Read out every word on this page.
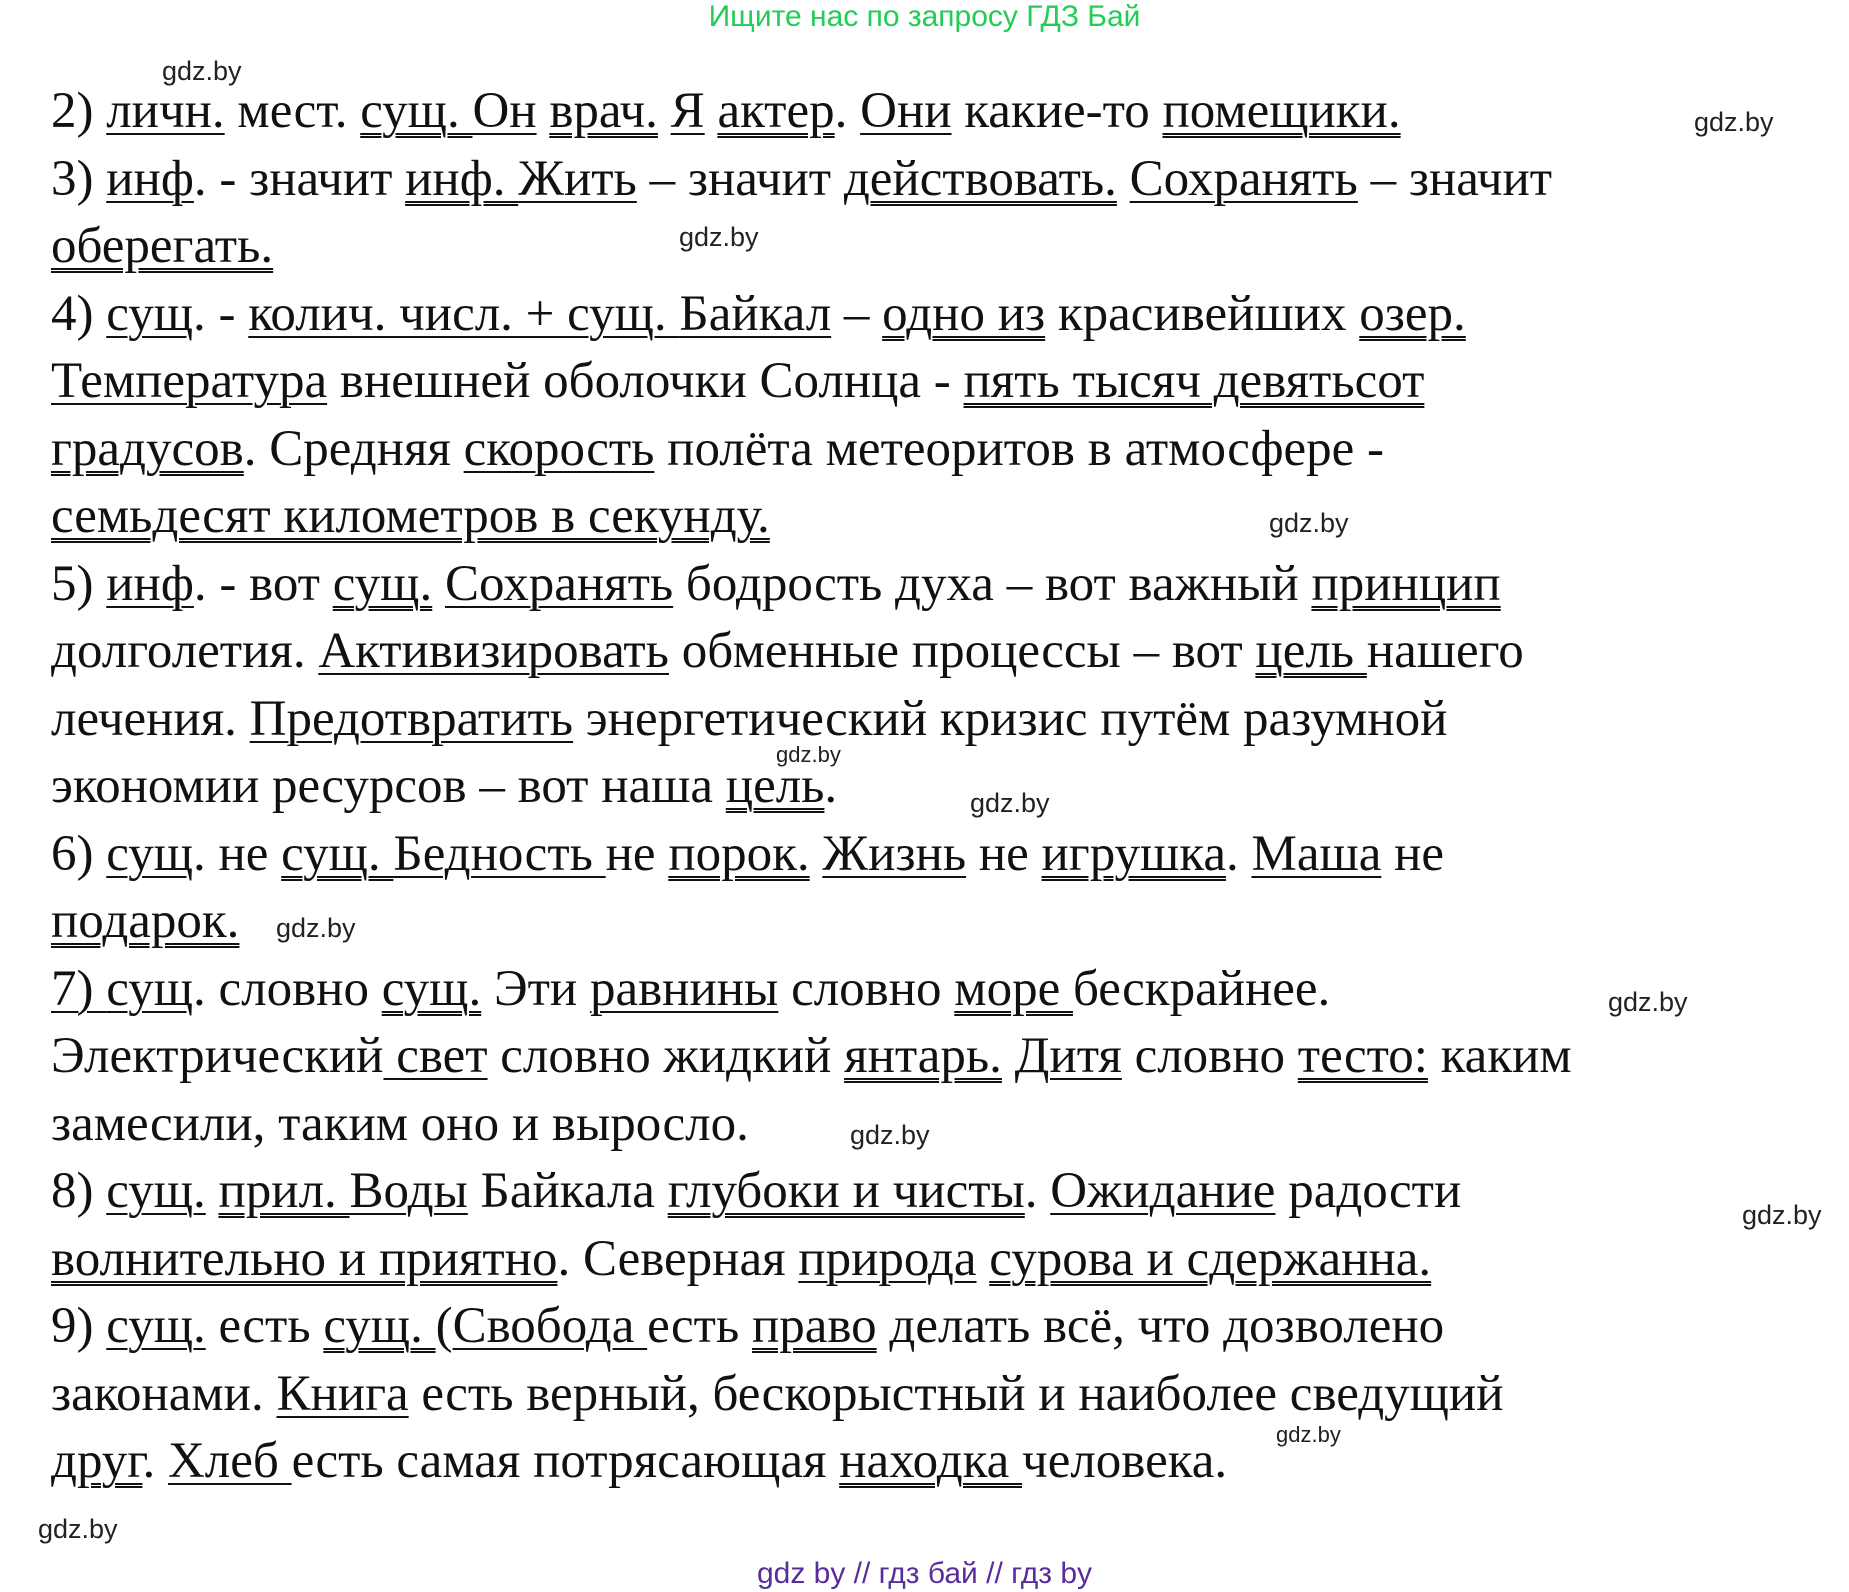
Ищите нас по запросу ГДЗ Бай
2) личн. мест. сущ. Он врач. Я актер. Они какие-то помещики.
3) инф. - значит инф. Жить – значит действовать. Сохранять – значит
оберегать.
4) сущ. - колич. числ. + сущ. Байкал – одно из красивейших озер.
Температура внешней оболочки Солнца - пять тысяч девятьсот
градусов. Средняя скорость полёта метеоритов в атмосфере -
семьдесят километров в секунду.
5) инф. - вот сущ. Сохранять бодрость духа – вот важный принцип
долголетия. Активизировать обменные процессы – вот цель нашего
лечения. Предотвратить энергетический кризис путём разумной
экономии ресурсов – вот наша цель.
6) сущ. не сущ. Бедность не порок. Жизнь не игрушка. Маша не
подарок.
7) сущ. словно сущ. Эти равнины словно море бескрайнее.
Электрический свет словно жидкий янтарь. Дитя словно тесто: каким
замесили, таким оно и выросло.
8) сущ. прил. Воды Байкала глубоки и чисты. Ожидание радости
волнительно и приятно. Северная природа сурова и сдержанна.
9) сущ. есть сущ. (Свобода есть право делать всё, что дозволено
законами. Книга есть верный, бескорыстный и наиболее сведущий
друг. Хлеб есть самая потрясающая находка человека.
gdz.by
gdz.by
gdz.by
gdz.by
gdz.by
gdz.by
gdz.by
gdz.by
gdz.by
gdz.by
gdz.by
gdz.by
gdz by // гдз бай // гдз by
